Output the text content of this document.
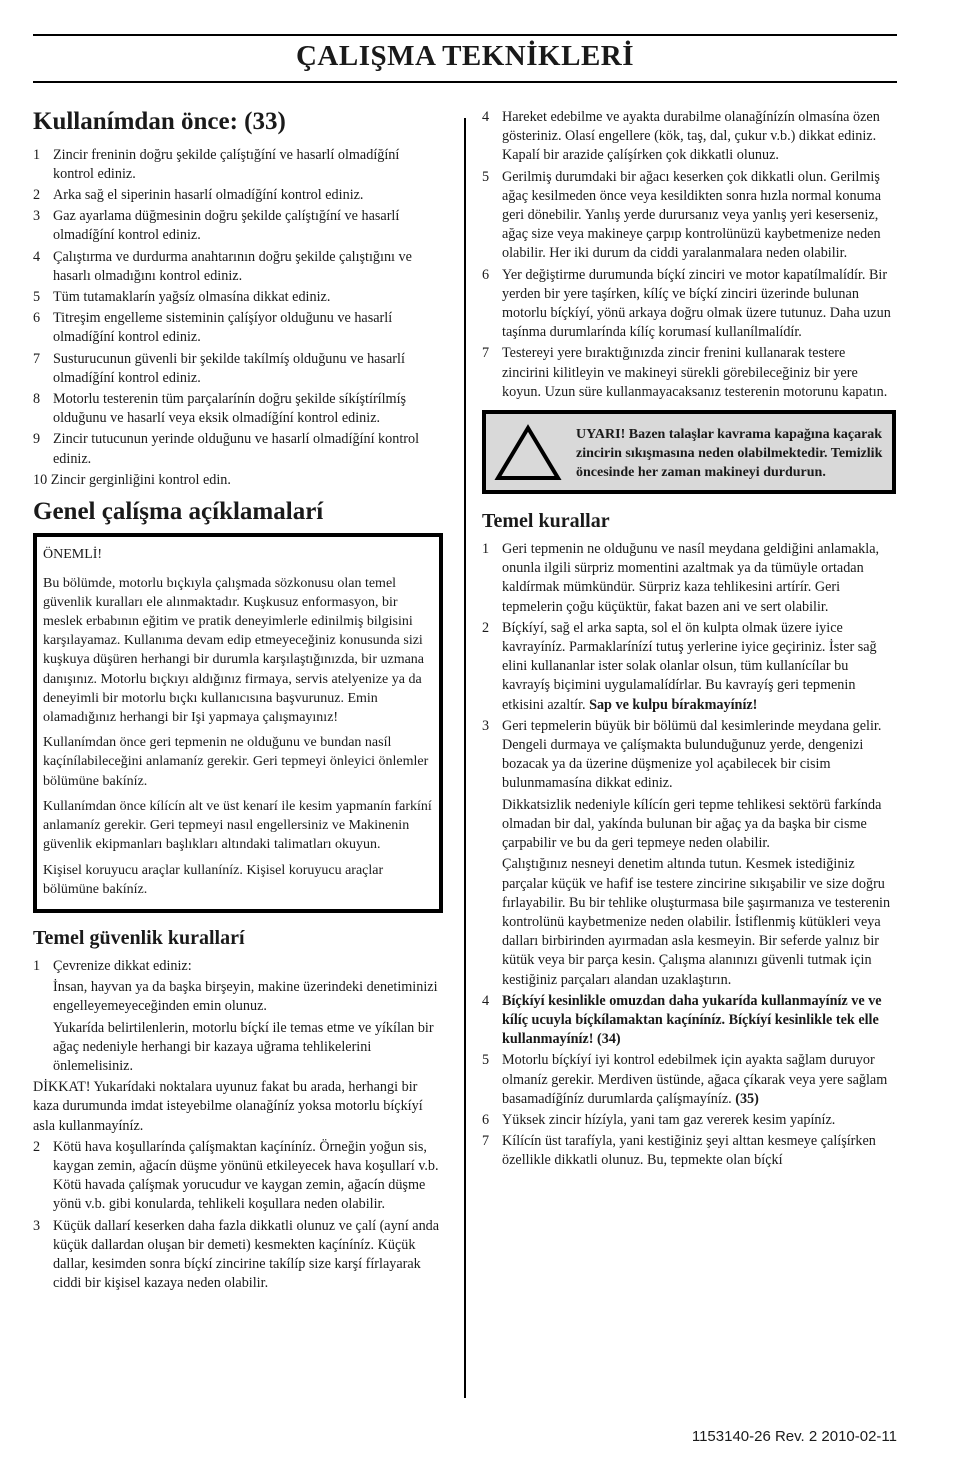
ÇALIŞMA TEKNİKLERİ
Kullanímdan önce: (33)
1 Zincir freninin doğru şekilde çalíştığíní ve hasarlí olmadíğíní kontrol ediniz.
2 Arka sağ el siperinin hasarlí olmadíğíní kontrol ediniz.
3 Gaz ayarlama düğmesinin doğru şekilde çalíştığíní ve hasarlí olmadíğíní kontrol ediniz.
4 Çalıştırma ve durdurma anahtarının doğru şekilde çalıştığını ve hasarlı olmadığını kontrol ediniz.
5 Tüm tutamaklarín yağsíz olmasína dikkat ediniz.
6 Titreşim engelleme sisteminin çalíşíyor olduğunu ve hasarlí olmadíğíní kontrol ediniz.
7 Susturucunun güvenli bir şekilde takílmíş olduğunu ve hasarlí olmadíğíní kontrol ediniz.
8 Motorlu testerenin tüm parçalarínín doğru şekilde síkíştírílmíş olduğunu ve hasarlí veya eksik olmadíğíní kontrol ediniz.
9 Zincir tutucunun yerinde olduğunu ve hasarlí olmadíğíní kontrol ediniz.
10 Zincir gerginliğini kontrol edin.
Genel çalíşma açíklamalarí

ÖNEMLİ!

Bu bölümde, motorlu bıçkıyla çalışmada sözkonusu olan temel güvenlik kuralları ele alınmaktadır. Kuşkusuz enformasyon, bir meslek erbabının eğitim ve pratik deneyimlerle edinilmiş bilgisini karşılayamaz. Kullanıma devam edip etmeyeceğiniz konusunda sizi kuşkuya düşüren herhangi bir durumla karşılaştığınızda, bir uzmana danışınız. Motorlu bıçkıyı aldığınız firmaya, servis atelyenize ya da deneyimli bir motorlu bıçkı kullanıcısına başvurunuz. Emin olamadığınız herhangi bir Işi yapmaya çalışmayınız!

Kullanímdan önce geri tepmenin ne olduğunu ve bundan nasíl kaçínílabileceğini anlamaníz gerekir. Geri tepmeyi önleyici önlemler bölümüne bakíníz.

Kullanímdan önce kílícín alt ve üst kenarí ile kesim yapmanín farkíní anlamaníz gerekir. Geri tepmeyi nasıl engellersiniz ve Makinenin güvenlik ekipmanları başlıkları altındaki talimatları okuyun.

Kişisel koruyucu araçlar kullaníníz. Kişisel koruyucu araçlar bölümüne bakíníz.

Temel güvenlik kurallarí
1 Çevrenize dikkat ediniz:

İnsan, hayvan ya da başka birşeyin, makine üzerindeki denetiminizi engelleyemeyeceğinden emin olunuz.

Yukarída belirtilenlerin, motorlu bíçkí ile temas etme ve yíkílan bir ağaç nedeniyle herhangi bir kazaya uğrama tehlikelerini önlemelisiniz.

DİKKAT! Yukarídaki noktalara uyunuz fakat bu arada, herhangi bir kaza durumunda imdat isteyebilme olanağíníz yoksa motorlu bíçkíyí asla kullanmayíníz.

2 Kötü hava koşullarínda çalíşmaktan kaçíníníz. Örneğin yoğun sis, kaygan zemin, ağacín düşme yönünü etkileyecek hava koşullarí v.b. Kötü havada çalíşmak yorucudur ve kaygan zemin, ağacín düşme yönü v.b. gibi konularda, tehlikeli koşullara neden olabilir.
3 Küçük dallarí keserken daha fazla dikkatli olunuz ve çalí (ayní anda küçük dallardan oluşan bir demeti) kesmekten kaçíníníz. Küçük dallar, kesimden sonra bíçkí zincirine takílíp size karşí fírlayarak ciddi bir kişisel kazaya neden olabilir.
4 Hareket edebilme ve ayakta durabilme olanağínízín olmasína özen gösteriniz. Olasí engellere (kök, taş, dal, çukur v.b.) dikkat ediniz. Kapalí bir arazide çalíşírken çok dikkatli olunuz.
5 Gerilmiş durumdaki bir ağacı keserken çok dikkatli olun. Gerilmiş ağaç kesilmeden önce veya kesildikten sonra hızla normal konuma geri dönebilir. Yanlış yerde durursanız veya yanlış yeri keserseniz, ağaç size veya makineye çarpıp kontrolünüzü kaybetmenize neden olabilir. Her iki durum da ciddi yaralanmalara neden olabilir.
6 Yer değiştirme durumunda bíçkí zinciri ve motor kapatílmalídír. Bir yerden bir yere taşírken, kílíç ve bíçkí zinciri üzerinde bulunan motorlu bíçkíyí, yönü arkaya doğru olmak üzere tutunuz. Daha uzun taşínma durumlarínda kílíç korumasí kullanílmalídír.
7 Testereyi yere bıraktığınızda zincir frenini kullanarak testere zincirini kilitleyin ve makineyi sürekli görebileceğiniz bir yere koyun. Uzun süre kullanmayacaksanız testerenin motorunu kapatın.
UYARI! Bazen talaşlar kavrama kapağına kaçarak zincirin sıkışmasına neden olabilmektedir. Temizlik öncesinde her zaman makineyi durdurun.
Temel kurallar
1 Geri tepmenin ne olduğunu ve nasíl meydana geldiğini anlamakla, onunla ilgili sürpriz momentini azaltmak ya da tümüyle ortadan kaldírmak mümkündür. Sürpriz kaza tehlikesini artírír. Geri tepmelerin çoğu küçüktür, fakat bazen ani ve sert olabilir.
2 Bíçkíyí, sağ el arka sapta, sol el ön kulpta olmak üzere iyice kavrayíníz. Parmaklarínízí tutuş yerlerine iyice geçiriniz. İster sağ elini kullananlar ister solak olanlar olsun, tüm kullanícílar bu kavrayíş biçimini uygulamalídírlar. Bu kavrayíş geri tepmenin etkisini azaltír. Sap ve kulpu bírakmayíníz!
3 Geri tepmelerin büyük bir bölümü dal kesimlerinde meydana gelir. Dengeli durmaya ve çalíşmakta bulunduğunuz yerde, dengenizi bozacak ya da üzerine düşmenize yol açabilecek bir cisim bulunmamasína dikkat ediniz.

Dikkatsizlik nedeniyle kílícín geri tepme tehlikesi sektörü farkínda olmadan bir dal, yakínda bulunan bir ağaç ya da başka bir cisme çarpabilir ve bu da geri tepmeye neden olabilir.

Çalıştığınız nesneyi denetim altında tutun. Kesmek istediğiniz parçalar küçük ve hafif ise testere zincirine sıkışabilir ve size doğru fırlayabilir. Bu bir tehlike oluşturmasa bile şaşırmanıza ve testerenin kontrolünü kaybetmenize neden olabilir. İstiflenmiş kütükleri veya dalları birbirinden ayırmadan asla kesmeyin. Bir seferde yalnız bir kütük veya bir parça kesin. Çalışma alanınızı güvenli tutmak için kestiğiniz parçaları alandan uzaklaştırın.

4 Bíçkíyí kesinlikle omuzdan daha yukarída kullanmayíníz ve ve kílíç ucuyla bíçkílamaktan kaçíníníz. Bíçkíyí kesinlikle tek elle kullanmayíníz! (34)
5 Motorlu bíçkíyí iyi kontrol edebilmek için ayakta sağlam duruyor olmaníz gerekir. Merdiven üstünde, ağaca çíkarak veya yere sağlam basamadíğíníz durumlarda çalíşmayíníz. (35)
6 Yüksek zincir hízíyla, yani tam gaz vererek kesim yapíníz.
7 Kílícín üst tarafíyla, yani kestiğiniz şeyi alttan kesmeye çalíşírken özellikle dikkatli olunuz. Bu, tepmekte olan bíçkí
1153140-26 Rev. 2 2010-02-11
